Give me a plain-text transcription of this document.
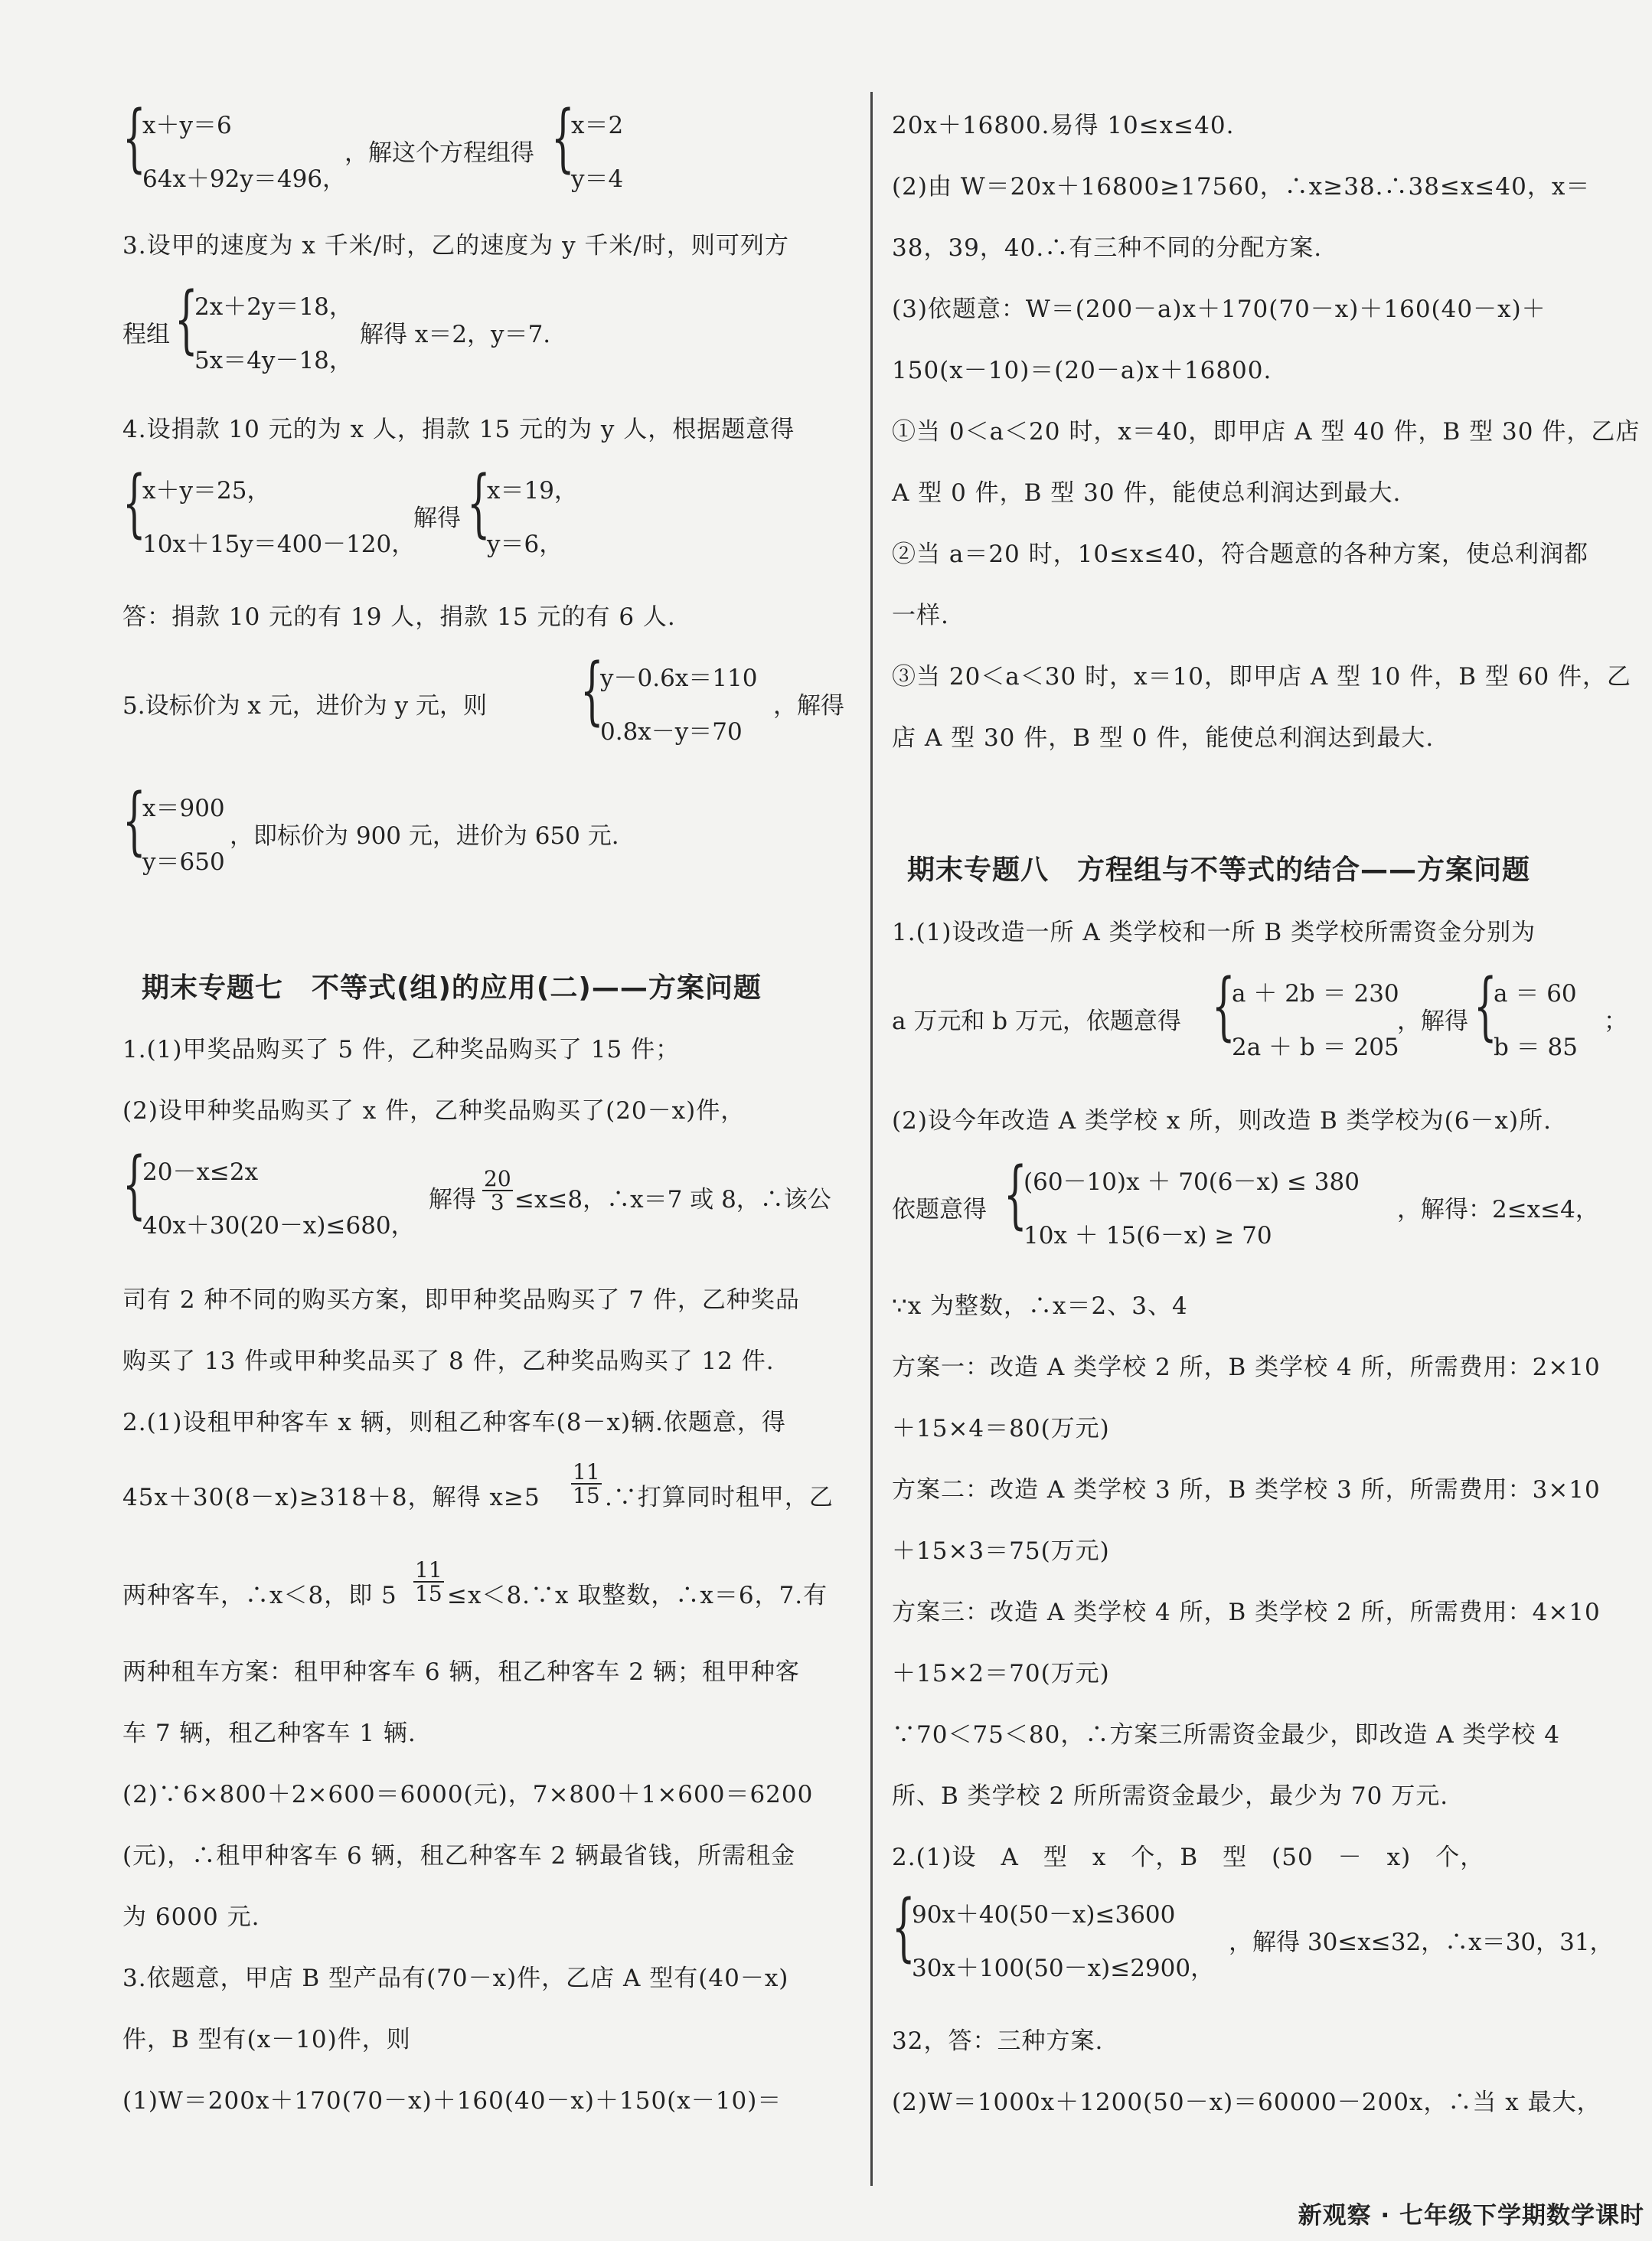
{
x＋y＝6
64x＋92y＝496，
，解这个方程组得 {
x＝2
y＝4
3.设甲的速度为 x 千米/时，乙的速度为 y 千米/时，则可列方
程组 {
2x＋2y＝18，
5x＝4y－18，
解得 x＝2，y＝7.
4.设捐款 10 元的为 x 人，捐款 15 元的为 y 人，根据题意得
{
x＋y＝25，
10x＋15y＝400－120，
解得 {
x＝19，
y＝6，
答：捐款 10 元的有 19 人，捐款 15 元的有 6 人.
5.设标价为 x 元，进价为 y 元，则 {
y－0.6x＝110
0.8x－y＝70
，解得
{
x＝900
y＝650
，即标价为 900 元，进价为 650 元.
期末专题七　不等式(组)的应用(二)——方案问题
1.(1)甲奖品购买了 5 件，乙种奖品购买了 15 件；
(2)设甲种奖品购买了 x 件，乙种奖品购买了(20－x)件，
{
20－x≤2x
40x＋30(20－x)≤680，
解得 $\frac{20}{3} \le x\le 8$，∴x＝7 或 8，∴该公
司有 2 种不同的购买方案，即甲种奖品购买了 7 件，乙种奖品
购买了 13 件或甲种奖品买了 8 件，乙种奖品购买了 12 件.
2.(1)设租甲种客车 x 辆，则租乙种客车(8－x)辆.依题意，得
45x＋30(8－x)≥318＋8，解得 $x\ge 5 \frac{11}{15}$ .∵打算同时租甲，乙
两种客车，∴x＜8，即 $5 \frac{11}{15}$ ≤x＜8.∵x 取整数，∴x＝6，7.有
两种租车方案：租甲种客车 6 辆，租乙种客车 2 辆；租甲种客
车 7 辆，租乙种客车 1 辆.
(2)∵6×800＋2×600＝6000(元)，7×800＋1×600＝6200
(元)，∴租甲种客车 6 辆，租乙种客车 2 辆最省钱，所需租金
为 6000 元.
3.依题意，甲店 B 型产品有(70－x)件，乙店 A 型有(40－x)
件，B 型有(x－10)件，则
(1)W＝200x＋170(70－x)＋160(40－x)＋150(x－10)＝
20x＋16800.易得 10≤x≤40.
(2)由 W＝20x＋16800≥17560，∴x≥38.∴38≤x≤40，x＝
38，39，40.∴有三种不同的分配方案.
(3)依题意：W＝(200－a)x＋170(70－x)＋160(40－x)＋
150(x－10)＝(20－a)x＋16800.
①当 0＜a＜20 时，x＝40，即甲店 A 型 40 件，B 型 30 件，乙店
A 型 0 件，B 型 30 件，能使总利润达到最大.
②当 a＝20 时，10≤x≤40，符合题意的各种方案，使总利润都
一样.
③当 20＜a＜30 时，x＝10，即甲店 A 型 10 件，B 型 60 件，乙
店 A 型 30 件，B 型 0 件，能使总利润达到最大.
期末专题八　方程组与不等式的结合——方案问题
1.(1)设改造一所 A 类学校和一所 B 类学校所需资金分别为
a 万元和 b 万元，依题意得 {
a ＋ 2b ＝ 230
2a ＋ b ＝ 205
，解得 {
a ＝ 60
b ＝ 85
；
(2)设今年改造 A 类学校 x 所，则改造 B 类学校为(6－x)所.
依题意得 {
(60－10)x ＋ 70(6－x) ≤ 380
10x ＋ 15(6－x) ≥ 70
，解得：2≤x≤4，
∵x 为整数，∴x＝2、3、4
方案一：改造 A 类学校 2 所，B 类学校 4 所，所需费用：2×10
＋15×4＝80(万元)
方案二：改造 A 类学校 3 所，B 类学校 3 所，所需费用：3×10
＋15×3＝75(万元)
方案三：改造 A 类学校 4 所，B 类学校 2 所，所需费用：4×10
＋15×2＝70(万元)
∵70＜75＜80，∴方案三所需资金最少，即改造 A 类学校 4
所、B 类学校 2 所所需资金最少，最少为 70 万元.
2.(1)设　A　型　x　个，B　型　(50　－　x)　个，
{
90x＋40(50－x)≤3600
30x＋100(50－x)≤2900，
，解得 30≤x≤32，∴x＝30，31，
32，答：三种方案.
(2)W＝1000x＋1200(50－x)＝60000－200x，∴当 x 最大，
新观察 · 七年级下学期数学课时
